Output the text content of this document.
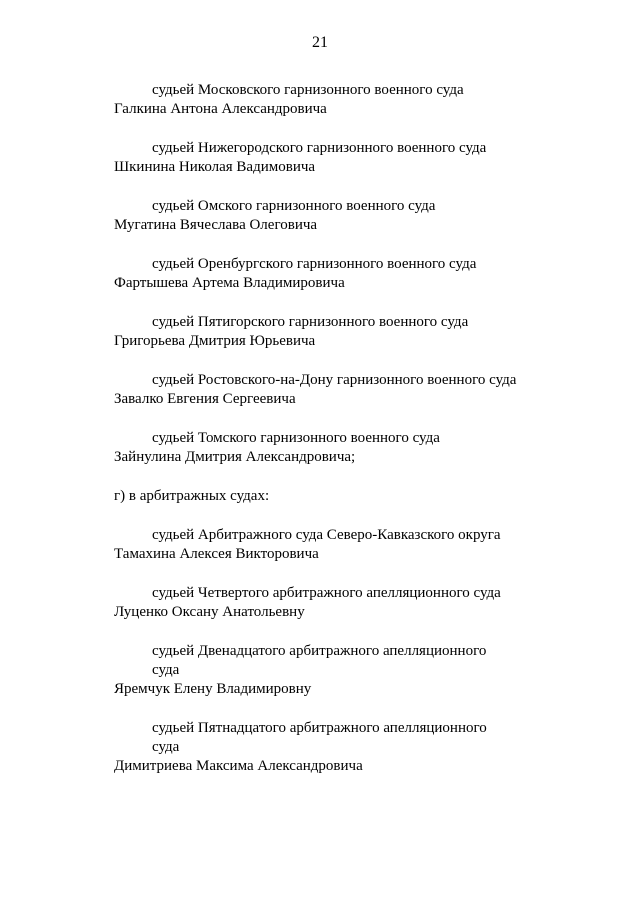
21
судьей Московского гарнизонного военного суда
Галкина Антона Александровича
судьей Нижегородского гарнизонного военного суда
Шкинина Николая Вадимовича
судьей Омского гарнизонного военного суда
Мугатина Вячеслава Олеговича
судьей Оренбургского гарнизонного военного суда
Фартышева Артема Владимировича
судьей Пятигорского гарнизонного военного суда
Григорьева Дмитрия Юрьевича
судьей Ростовского-на-Дону гарнизонного военного суда
Завалко Евгения Сергеевича
судьей Томского гарнизонного военного суда
Зайнулина Дмитрия Александровича;
г) в арбитражных судах:
судьей Арбитражного суда Северо-Кавказского округа
Тамахина Алексея Викторовича
судьей Четвертого арбитражного апелляционного суда
Луценко Оксану Анатольевну
судьей Двенадцатого арбитражного апелляционного
суда
Яремчук Елену Владимировну
судьей Пятнадцатого арбитражного апелляционного
суда
Димитриева Максима Александровича
